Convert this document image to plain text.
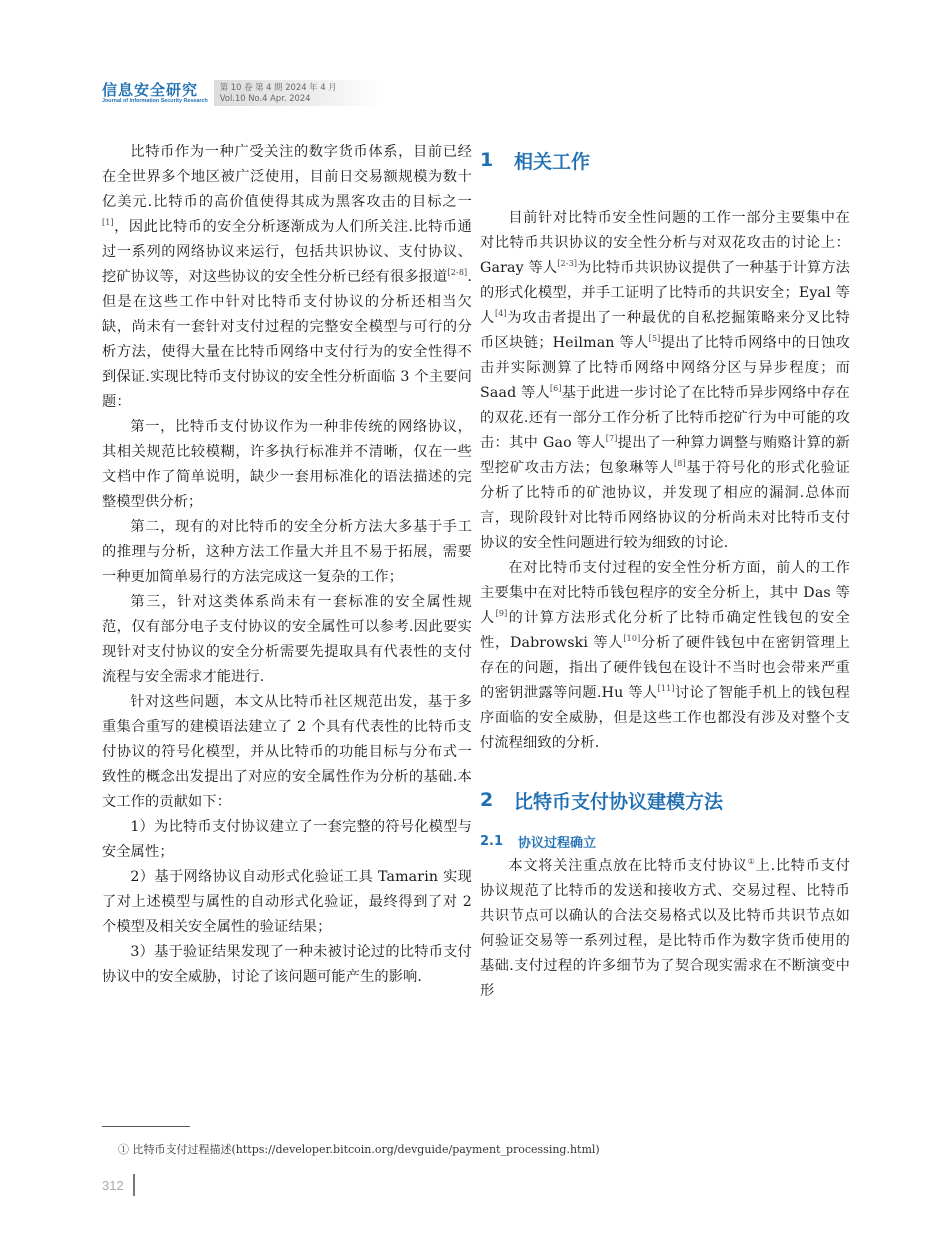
信息安全研究
Journal of Information Security Research
第 10 卷 第 4 期 2024 年 4 月
Vol.10 No.4 Apr. 2024

比特币作为一种广受关注的数字货币体系，目前已经在全世界多个地区被广泛使用，目前日交易额规模为数十亿美元.比特币的高价值使得其成为黑客攻击的目标之一[1]，因此比特币的安全分析逐渐成为人们所关注.比特币通过一系列的网络协议来运行，包括共识协议、支付协议、挖矿协议等，对这些协议的安全性分析已经有很多报道[2-8].但是在这些工作中针对比特币支付协议的分析还相当欠缺，尚未有一套针对支付过程的完整安全模型与可行的分析方法，使得大量在比特币网络中支付行为的安全性得不到保证.实现比特币支付协议的安全性分析面临 3 个主要问题：

第一，比特币支付协议作为一种非传统的网络协议，其相关规范比较模糊，许多执行标准并不清晰，仅在一些文档中作了简单说明，缺少一套用标准化的语法描述的完整模型供分析；

第二，现有的对比特币的安全分析方法大多基于手工的推理与分析，这种方法工作量大并且不易于拓展，需要一种更加简单易行的方法完成这一复杂的工作；

第三，针对这类体系尚未有一套标准的安全属性规范，仅有部分电子支付协议的安全属性可以参考.因此要实现针对支付协议的安全分析需要先提取具有代表性的支付流程与安全需求才能进行.

针对这些问题，本文从比特币社区规范出发，基于多重集合重写的建模语法建立了 2 个具有代表性的比特币支付协议的符号化模型，并从比特币的功能目标与分布式一致性的概念出发提出了对应的安全属性作为分析的基础.本文工作的贡献如下：

1）为比特币支付协议建立了一套完整的符号化模型与安全属性；

2）基于网络协议自动形式化验证工具 Tamarin 实现了对上述模型与属性的自动形式化验证，最终得到了对 2 个模型及相关安全属性的验证结果；

3）基于验证结果发现了一种未被讨论过的比特币支付协议中的安全威胁，讨论了该问题可能产生的影响.

1	相关工作

目前针对比特币安全性问题的工作一部分主要集中在对比特币共识协议的安全性分析与对双花攻击的讨论上：Garay 等人[2-3]为比特币共识协议提供了一种基于计算方法的形式化模型，并手工证明了比特币的共识安全；Eyal 等人[4]为攻击者提出了一种最优的自私挖掘策略来分叉比特币区块链；Heilman 等人[5]提出了比特币网络中的日蚀攻击并实际测算了比特币网络中网络分区与异步程度；而 Saad 等人[6]基于此进一步讨论了在比特币异步网络中存在的双花.还有一部分工作分析了比特币挖矿行为中可能的攻击：其中 Gao 等人[7]提出了一种算力调整与贿赂计算的新型挖矿攻击方法；包象琳等人[8]基于符号化的形式化验证分析了比特币的矿池协议，并发现了相应的漏洞.总体而言，现阶段针对比特币网络协议的分析尚未对比特币支付协议的安全性问题进行较为细致的讨论.

在对比特币支付过程的安全性分析方面，前人的工作主要集中在对比特币钱包程序的安全分析上，其中 Das 等人[9]的计算方法形式化分析了比特币确定性钱包的安全性，Dabrowski 等人[10]分析了硬件钱包中在密钥管理上存在的问题，指出了硬件钱包在设计不当时也会带来严重的密钥泄露等问题.Hu 等人[11]讨论了智能手机上的钱包程序面临的安全威胁，但是这些工作也都没有涉及对整个支付流程细致的分析.

2	比特币支付协议建模方法
2.1	协议过程确立

本文将关注重点放在比特币支付协议①上.比特币支付协议规范了比特币的发送和接收方式、交易过程、比特币共识节点可以确认的合法交易格式以及比特币共识节点如何验证交易等一系列过程，是比特币作为数字货币使用的基础.支付过程的许多细节为了契合现实需求在不断演变中形

① 比特币支付过程描述(https://developer.bitcoin.org/devguide/payment_processing.html)
312
